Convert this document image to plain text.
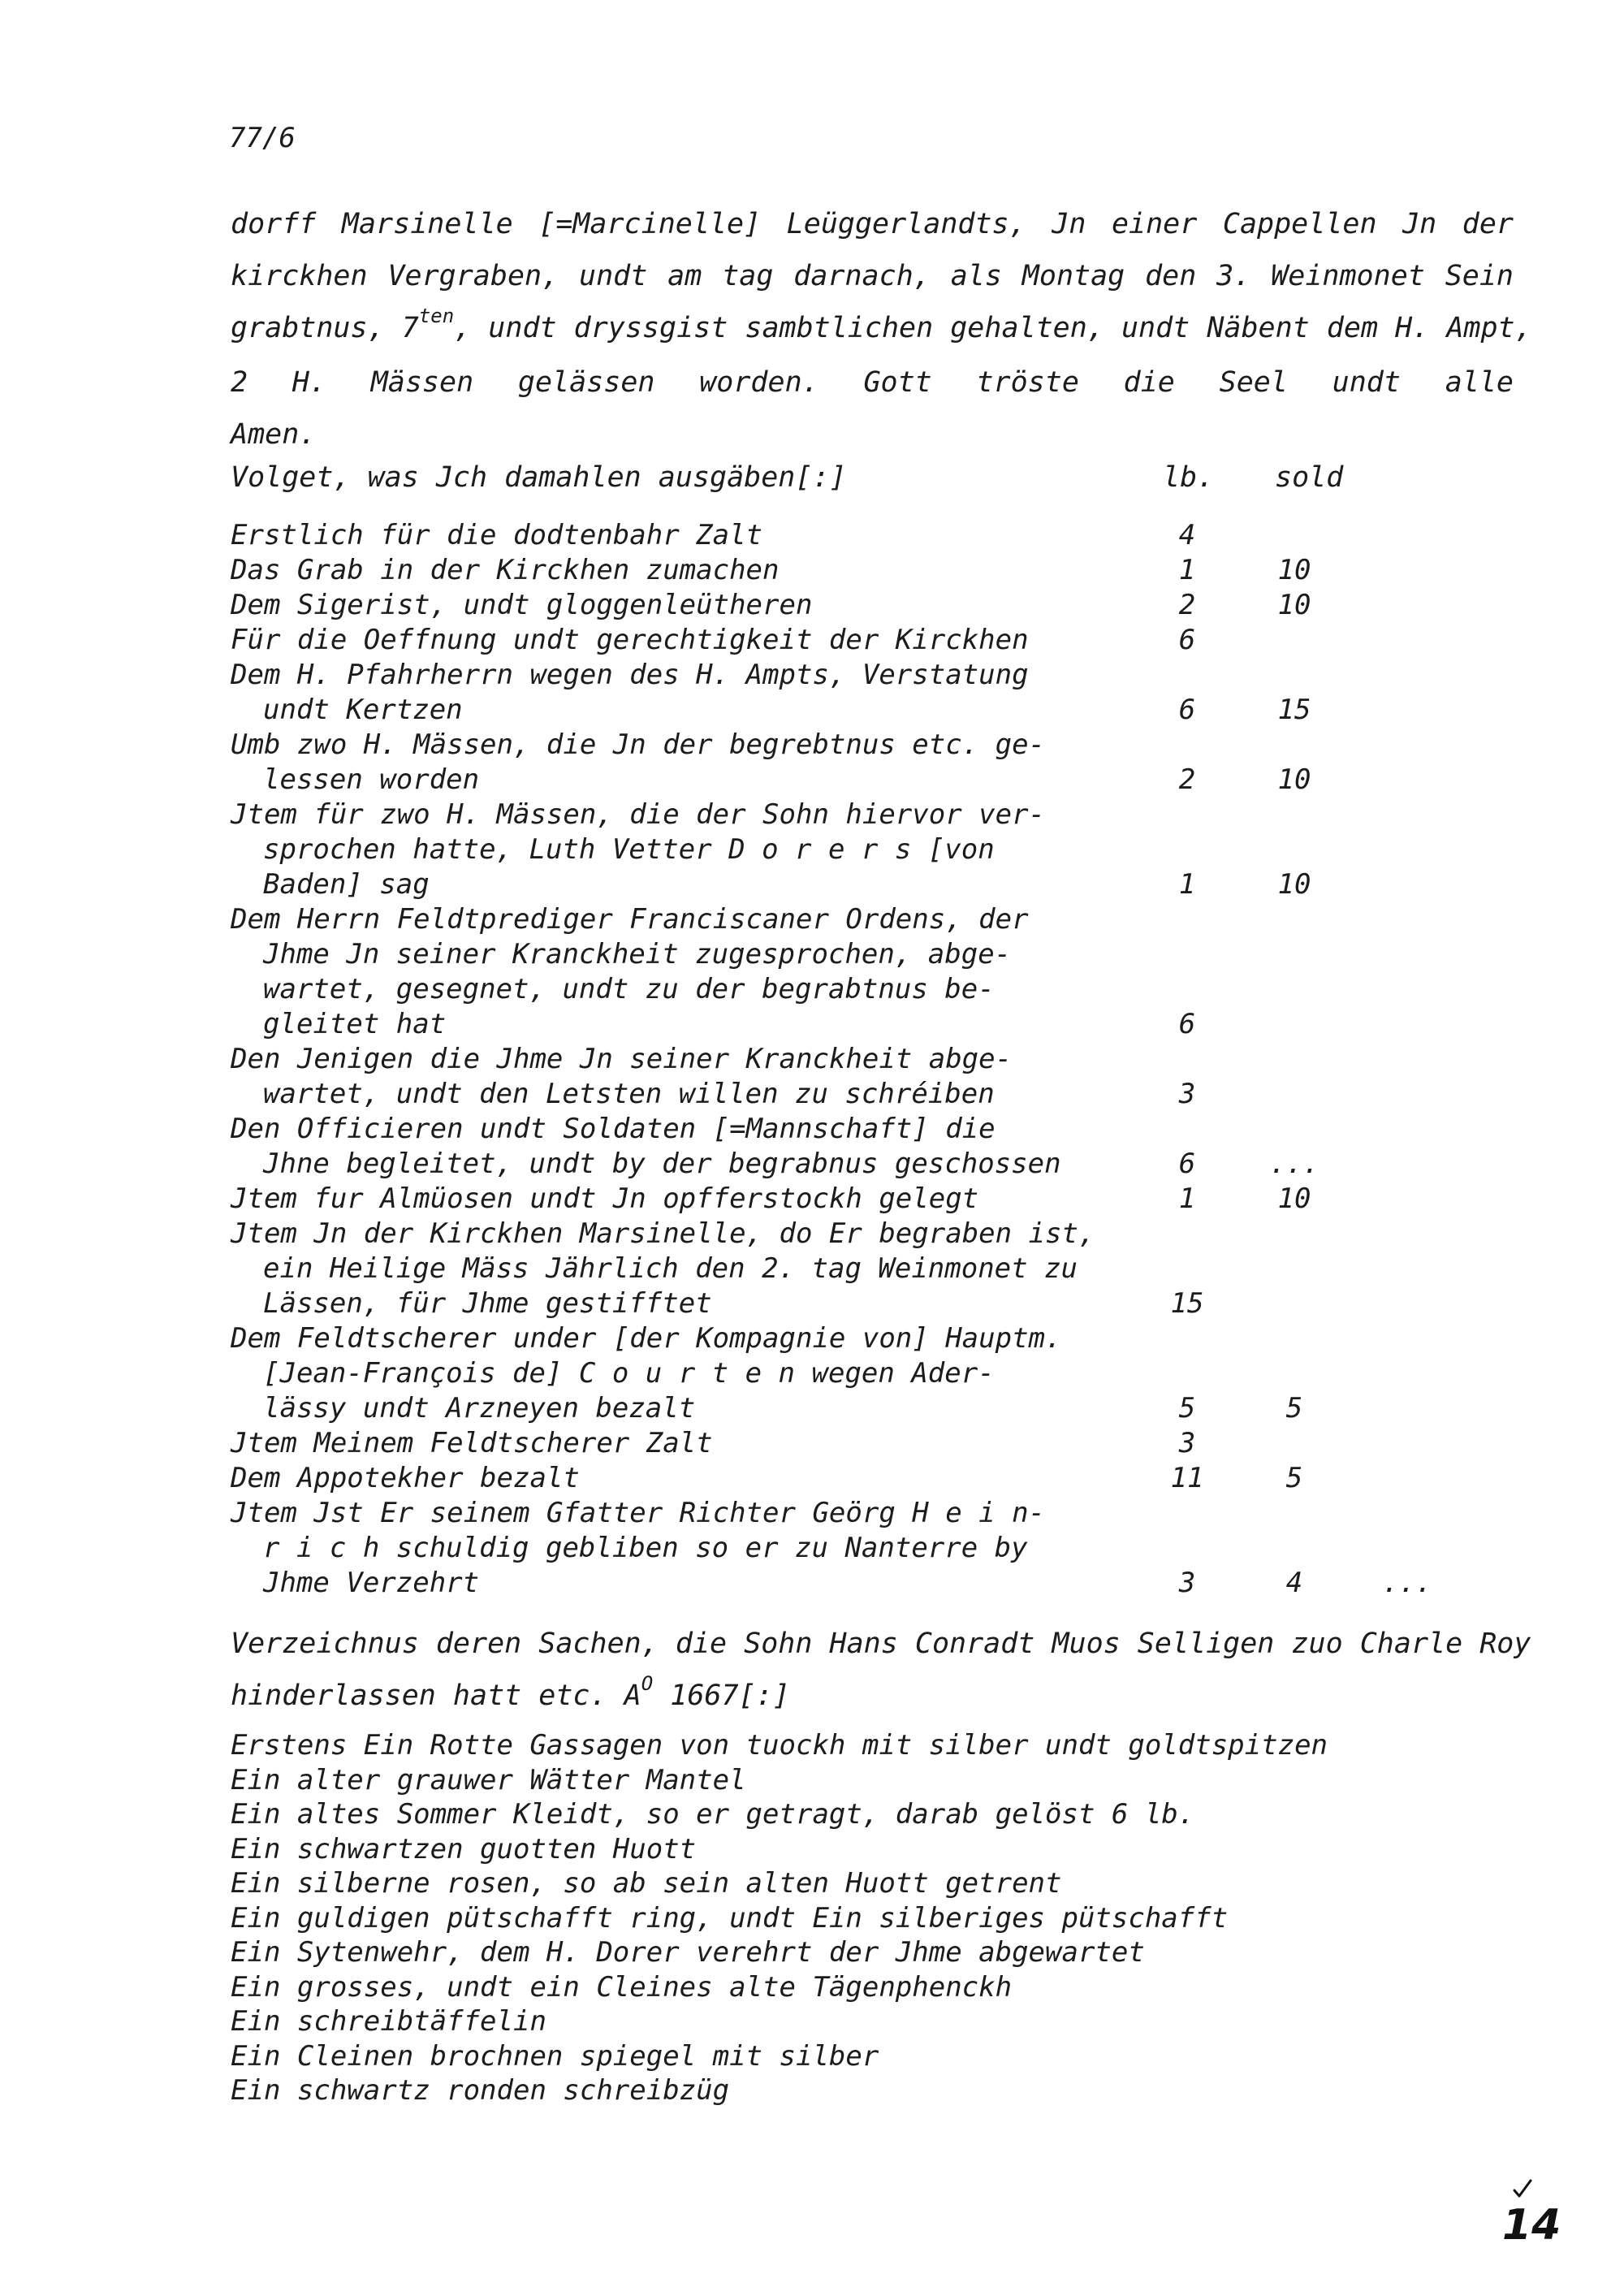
77/6
dorff Marsinelle [=Marcinelle] Leüggerlandts, Jn einer Cappellen Jn der
kirckhen Vergraben, undt am tag darnach, als Montag den 3. Weinmonet Sein
grabtnus, $7^{ten}$, undt dryssgist sambtlichen gehalten, undt Näbent dem H. Ampt,
2 H. Mässen gelässen worden. Gott tröste die Seel undt alle
Amen.
Volget, was Jch damahlen ausgäben[:]	lb. sold
Erstlich für die dodtenbahr Zalt	4
Das Grab in der Kirckhen zumachen	1	10
Dem Sigerist, undt gloggenleütheren	2	10
Für die Oeffnung undt gerechtigkeit der Kirckhen	6
Dem H. Pfahrherrn wegen des H. Ampts, Verstatung
undt Kertzen	6	15
Umb zwo H. Mässen, die Jn der begrebtnus etc. ge-
lessen worden	2	10
Jtem für zwo H. Mässen, die der Sohn hiervor ver-
sprochen hatte, Luth Vetter D o r e r s [von
Baden] sag	1	10
Dem Herrn Feldtprediger Franciscaner Ordens, der
Jhme Jn seiner Kranckheit zugesprochen, abge-
wartet, gesegnet, undt zu der begrabtnus be-
gleitet hat	6
Den Jenigen die Jhme Jn seiner Kranckheit abge-
wartet, undt den Letsten willen zu schréiben	3
Den Officieren undt Soldaten [=Mannschaft] die
Jhne begleitet, undt by der begrabnus geschossen	6	...
Jtem fur Almüosen undt Jn opfferstockh gelegt	1	10
Jtem Jn der Kirckhen Marsinelle, do Er begraben ist,
ein Heilige Mäss Jährlich den 2. tag Weinmonet zu
Lässen, für Jhme gestifftet	15
Dem Feldtscherer under [der Kompagnie von] Hauptm.
[Jean-François de] C o u r t e n wegen Ader-
lässy undt Arzneyen bezalt	5	5
Jtem Meinem Feldtscherer Zalt	3
Dem Appotekher bezalt	11	5
Jtem Jst Er seinem Gfatter Richter Geörg H e i n-
r i c h schuldig gebliben so er zu Nanterre by
Jhme Verzehrt	3	4	...
Verzeichnus deren Sachen, die Sohn Hans Conradt Muos Selligen zuo Charle Roy
hinderlassen hatt etc. $A^O$ 1667[:]
Erstens Ein Rotte Gassagen von tuockh mit silber undt goldtspitzen
Ein alter grauwer Wätter Mantel
Ein altes Sommer Kleidt, so er getragt, darab gelöst 6 lb.
Ein schwartzen guotten Huott
Ein silberne rosen, so ab sein alten Huott getrent
Ein guldigen pütschafft ring, undt Ein silberiges pütschafft
Ein Sytenwehr, dem H. Dorer verehrt der Jhme abgewartet
Ein grosses, undt ein Cleines alte Tägenphenckh
Ein schreibtäffelin
Ein Cleinen brochnen spiegel mit silber
Ein schwartz ronden schreibzüg
14
